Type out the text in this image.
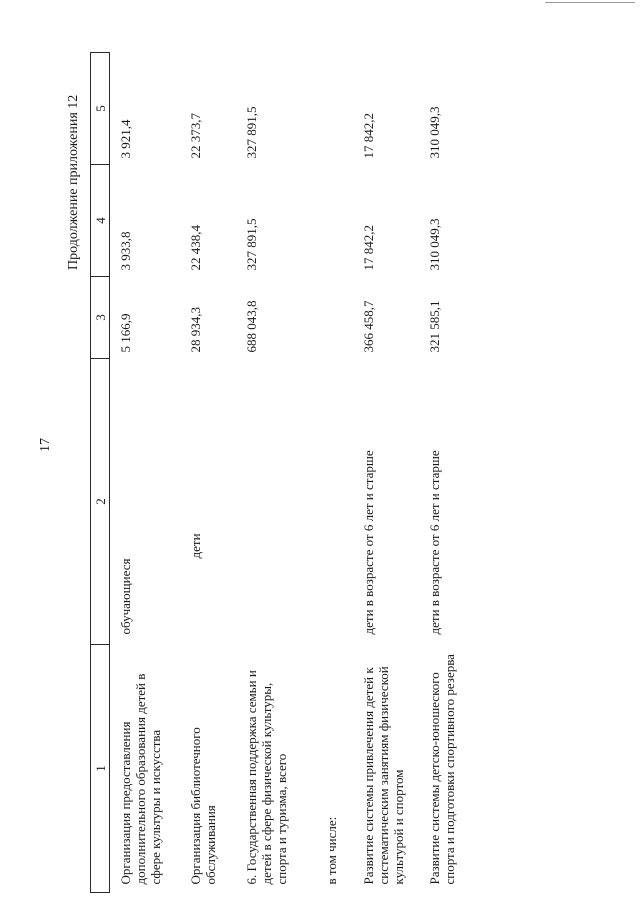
17
Продолжение приложения 12
1	2	3	4	5
Организация предоставления дополнительного образования детей в сфере культуры и искусства	обучающиеся	5 166,9	3 933,8	3 921,4
Организация библиотечного обслуживания	дети	28 934,3	22 438,4	22 373,7
6. Государственная поддержка семьи и детей в сфере физической культуры, спорта и туризма, всего		688 043,8	327 891,5	327 891,5
в том числе:				
Развитие системы привлечения детей к систематическим занятиям физической культурой и спортом	дети в возрасте от 6 лет и старше	366 458,7	17 842,2	17 842,2
Развитие системы детско-юношеского спорта и подготовки спортивного резерва	дети в возрасте от 6 лет и старше	321 585,1	310 049,3	310 049,3
